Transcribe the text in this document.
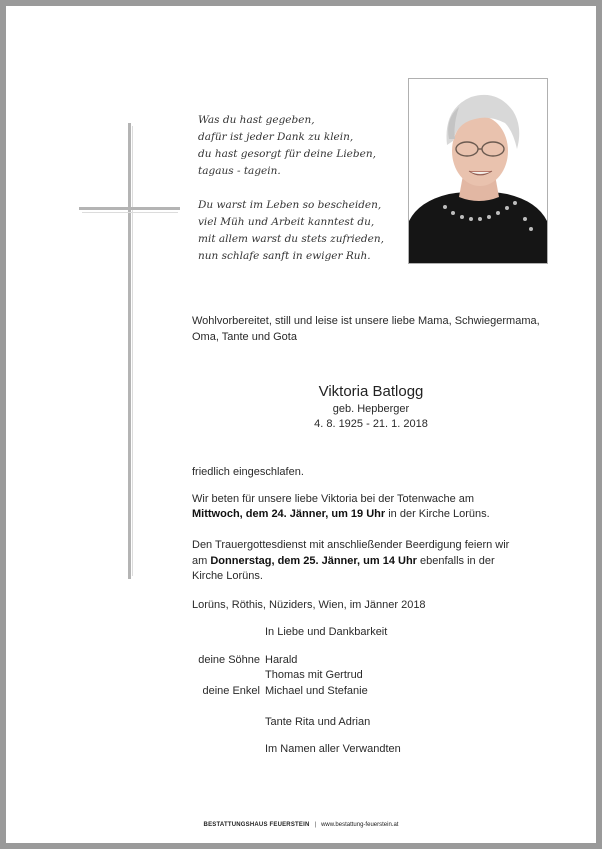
Was du hast gegeben,
dafür ist jeder Dank zu klein,
du hast gesorgt für deine Lieben,
tagaus - tagein.
Du warst im Leben so bescheiden,
viel Müh und Arbeit kanntest du,
mit allem warst du stets zufrieden,
nun schlafe sanft in ewiger Ruh.
Wohlvorbereitet, still und leise ist unsere liebe Mama, Schwiegermama,
Oma, Tante und Gota
Viktoria Batlogg
geb. Hepberger
4. 8. 1925 - 21. 1. 2018
friedlich eingeschlafen.
Wir beten für unsere liebe Viktoria bei der Totenwache am
Mittwoch, dem 24. Jänner, um 19 Uhr in der Kirche Lorüns.
Den Trauergottesdienst mit anschließender Beerdigung feiern wir
am Donnerstag, dem 25. Jänner, um 14 Uhr ebenfalls in der
Kirche Lorüns.
Lorüns, Röthis, Nüziders, Wien, im Jänner 2018
In Liebe und Dankbarkeit
deine Söhne Harald
Thomas mit Gertrud
deine Enkel Michael und Stefanie
Tante Rita und Adrian
Im Namen aller Verwandten
BESTATTUNGSHAUS FEUERSTEIN | www.bestattung-feuerstein.at
